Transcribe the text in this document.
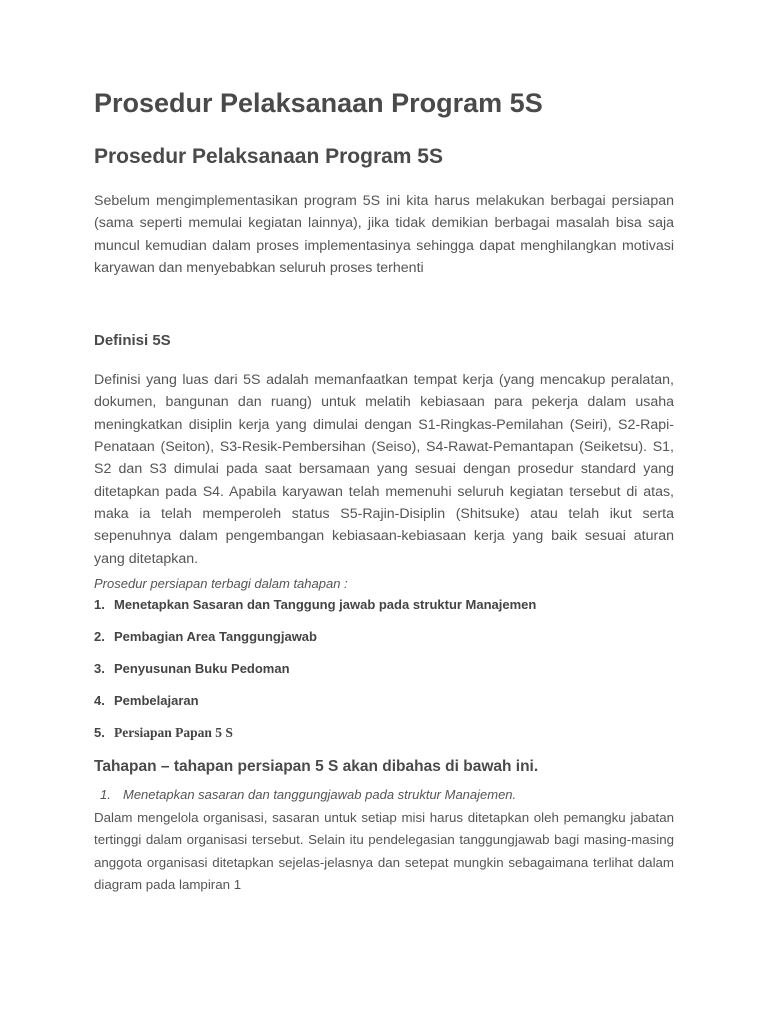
Prosedur Pelaksanaan Program 5S
Prosedur Pelaksanaan Program 5S

Sebelum mengimplementasikan program 5S ini kita harus melakukan berbagai persiapan (sama seperti memulai kegiatan lainnya), jika tidak demikian berbagai masalah bisa saja muncul kemudian dalam proses implementasinya sehingga dapat menghilangkan motivasi karyawan dan menyebabkan seluruh proses terhenti

Definisi 5S

Definisi yang luas dari 5S adalah memanfaatkan tempat kerja (yang mencakup peralatan, dokumen, bangunan dan ruang) untuk melatih kebiasaan para pekerja dalam usaha meningkatkan disiplin kerja yang dimulai dengan S1-Ringkas-Pemilahan (Seiri), S2-Rapi-Penataan (Seiton), S3-Resik-Pembersihan (Seiso), S4-Rawat-Pemantapan (Seiketsu). S1, S2 dan S3 dimulai pada saat bersamaan yang sesuai dengan prosedur standard yang ditetapkan pada S4. Apabila karyawan telah memenuhi seluruh kegiatan tersebut di atas, maka ia telah memperoleh status S5-Rajin-Disiplin (Shitsuke) atau telah ikut serta sepenuhnya dalam pengembangan kebiasaan-kebiasaan kerja yang baik sesuai aturan yang ditetapkan.

Prosedur persiapan terbagi dalam tahapan :

1. Menetapkan Sasaran dan Tanggung jawab pada struktur Manajemen
2. Pembagian Area Tanggungjawab
3. Penyusunan Buku Pedoman
4. Pembelajaran
5. Persiapan Papan 5 S
Tahapan – tahapan persiapan 5 S akan dibahas di bawah ini.
1. Menetapkan sasaran dan tanggungjawab pada struktur Manajemen.

Dalam mengelola organisasi, sasaran untuk setiap misi harus ditetapkan oleh pemangku jabatan tertinggi dalam organisasi tersebut. Selain itu pendelegasian tanggungjawab bagi masing-masing anggota organisasi ditetapkan sejelas-jelasnya dan setepat mungkin sebagaimana terlihat dalam diagram pada lampiran 1
